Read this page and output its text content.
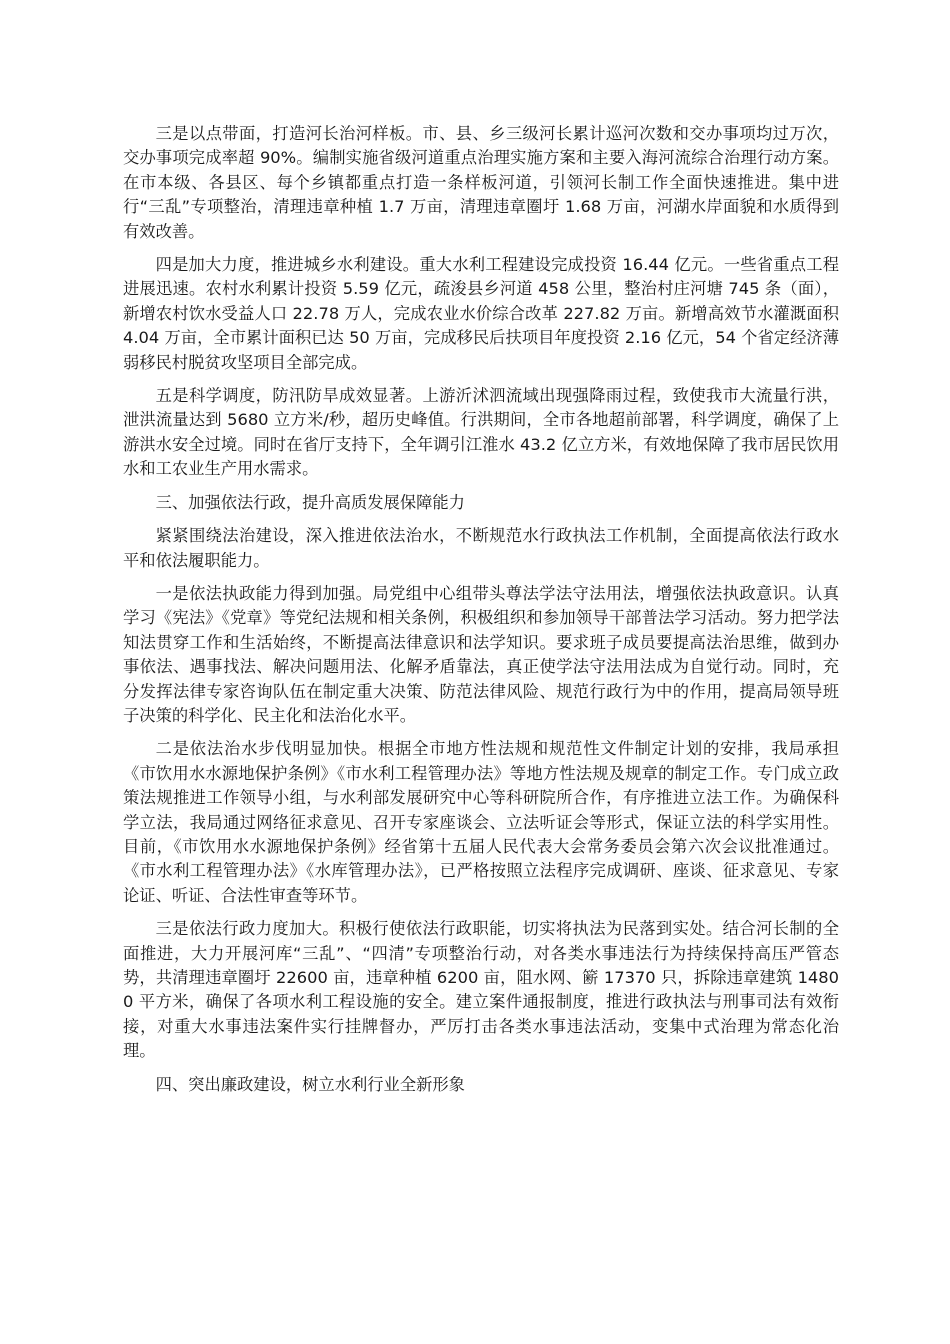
三是以点带面，打造河长治河样板。市、县、乡三级河长累计巡河次数和交办事项均过万次，交办事项完成率超 90%。编制实施省级河道重点治理实施方案和主要入海河流综合治理行动方案。在市本级、各县区、每个乡镇都重点打造一条样板河道，引领河长制工作全面快速推进。集中进行“三乱”专项整治，清理违章种植 1.7 万亩，清理违章圈圩 1.68 万亩，河湖水岸面貌和水质得到有效改善。

四是加大力度，推进城乡水利建设。重大水利工程建设完成投资 16.44 亿元。一些省重点工程进展迅速。农村水利累计投资 5.59 亿元，疏浚县乡河道 458 公里，整治村庄河塘 745 条（面），新增农村饮水受益人口 22.78 万人，完成农业水价综合改革 227.82 万亩。新增高效节水灌溉面积 4.04 万亩，全市累计面积已达 50 万亩，完成移民后扶项目年度投资 2.16 亿元，54 个省定经济薄弱移民村脱贫攻坚项目全部完成。

五是科学调度，防汛防旱成效显著。上游沂沭泗流域出现强降雨过程，致使我市大流量行洪，泄洪流量达到 5680 立方米/秒，超历史峰值。行洪期间，全市各地超前部署，科学调度，确保了上游洪水安全过境。同时在省厅支持下，全年调引江淮水 43.2 亿立方米，有效地保障了我市居民饮用水和工农业生产用水需求。

三、加强依法行政，提升高质发展保障能力

紧紧围绕法治建设，深入推进依法治水，不断规范水行政执法工作机制，全面提高依法行政水平和依法履职能力。

一是依法执政能力得到加强。局党组中心组带头尊法学法守法用法，增强依法执政意识。认真学习《宪法》《党章》等党纪法规和相关条例，积极组织和参加领导干部普法学习活动。努力把学法知法贯穿工作和生活始终，不断提高法律意识和法学知识。要求班子成员要提高法治思维，做到办事依法、遇事找法、解决问题用法、化解矛盾靠法，真正使学法守法用法成为自觉行动。同时，充分发挥法律专家咨询队伍在制定重大决策、防范法律风险、规范行政行为中的作用，提高局领导班子决策的科学化、民主化和法治化水平。

二是依法治水步伐明显加快。根据全市地方性法规和规范性文件制定计划的安排，我局承担《市饮用水水源地保护条例》《市水利工程管理办法》等地方性法规及规章的制定工作。专门成立政策法规推进工作领导小组，与水利部发展研究中心等科研院所合作，有序推进立法工作。为确保科学立法，我局通过网络征求意见、召开专家座谈会、立法听证会等形式，保证立法的科学实用性。目前，《市饮用水水源地保护条例》经省第十五届人民代表大会常务委员会第六次会议批准通过。《市水利工程管理办法》《水库管理办法》，已严格按照立法程序完成调研、座谈、征求意见、专家论证、听证、合法性审查等环节。

三是依法行政力度加大。积极行使依法行政职能，切实将执法为民落到实处。结合河长制的全面推进，大力开展河库“三乱”、“四清”专项整治行动，对各类水事违法行为持续保持高压严管态势，共清理违章圈圩 22600 亩，违章种植 6200 亩，阻水网、簖 17370 只，拆除违章建筑 14800 平方米，确保了各项水利工程设施的安全。建立案件通报制度，推进行政执法与刑事司法有效衔接，对重大水事违法案件实行挂牌督办，严厉打击各类水事违法活动，变集中式治理为常态化治理。

四、突出廉政建设，树立水利行业全新形象
